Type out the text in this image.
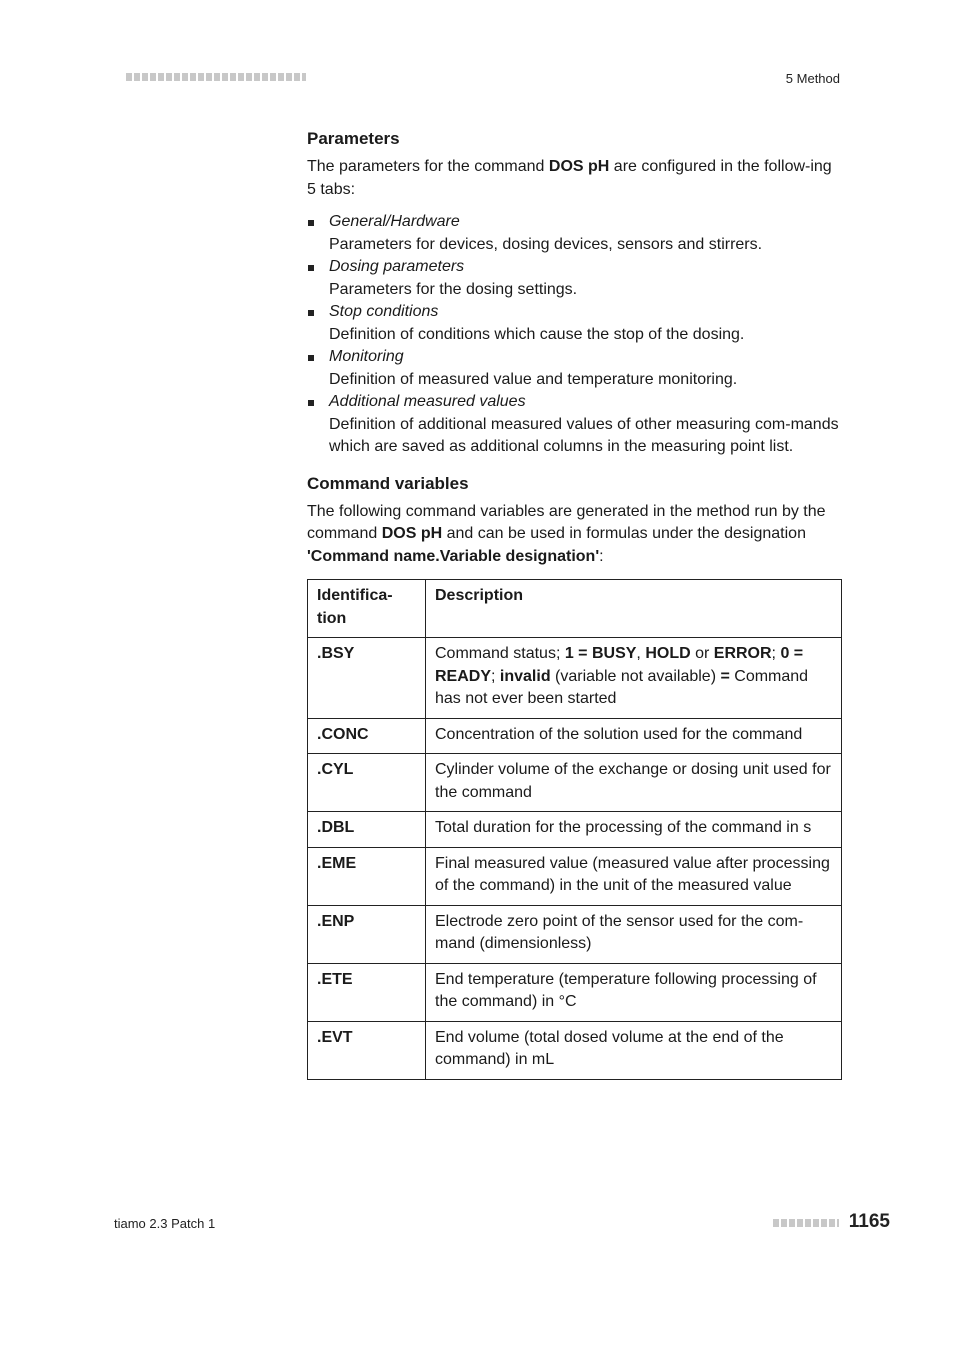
5 Method
Parameters

The parameters for the command DOS pH are configured in the follow-ing 5 tabs:

General/Hardware
Parameters for devices, dosing devices, sensors and stirrers.
Dosing parameters
Parameters for the dosing settings.
Stop conditions
Definition of conditions which cause the stop of the dosing.
Monitoring
Definition of measured value and temperature monitoring.
Additional measured values
Definition of additional measured values of other measuring com-mands which are saved as additional columns in the measuring point list.
Command variables

The following command variables are generated in the method run by the command DOS pH and can be used in formulas under the designation 'Command name.Variable designation':

Identifica-tion	Description
.BSY	Command status; 1 = BUSY, HOLD or ERROR; 0 = READY; invalid (variable not available) = Command has not ever been started
.CONC	Concentration of the solution used for the command
.CYL	Cylinder volume of the exchange or dosing unit used for the command
.DBL	Total duration for the processing of the command in s
.EME	Final measured value (measured value after processing of the command) in the unit of the measured value
.ENP	Electrode zero point of the sensor used for the com-mand (dimensionless)
.ETE	End temperature (temperature following processing of the command) in °C
.EVT	End volume (total dosed volume at the end of the command) in mL
tiamo 2.3 Patch 1	1165
